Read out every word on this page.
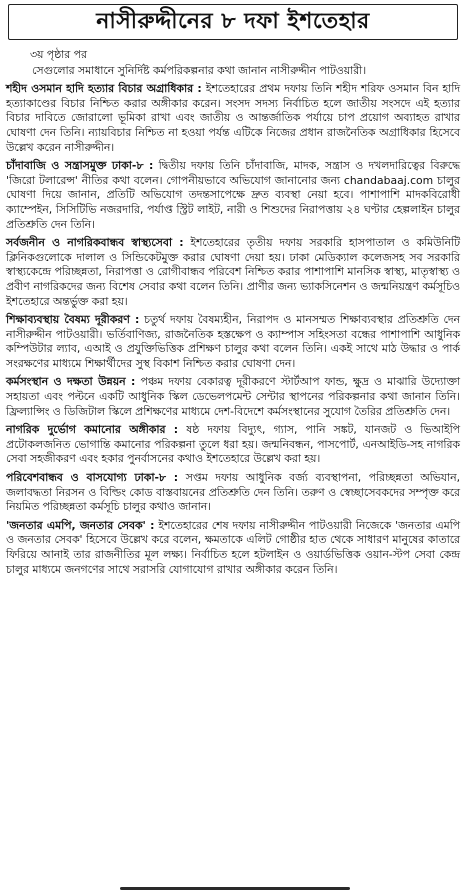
নাসীরুদ্দীনের ৮ দফা ইশতেহার
৩য় পৃষ্ঠার পর

সেগুলোর সমাধানে সুনির্দিষ্ট কর্মপরিকল্পনার কথা জানান নাসীরুদ্দীন পাটওয়ারী।

শহীদ ওসমান হাদি হত্যার বিচার অগ্রাধিকার : ইশতেহারের প্রথম দফায় তিনি শহীদ শরিফ ওসমান বিন হাদি হত্যাকাণ্ডের বিচার নিশ্চিত করার অঙ্গীকার করেন। সংসদ সদস্য নির্বাচিত হলে জাতীয় সংসদে এই হত্যার বিচার দাবিতে জোরালো ভূমিকা রাখা এবং জাতীয় ও আন্তর্জাতিক পর্যায়ে চাপ প্রয়োগ অব্যাহত রাখার ঘোষণা দেন তিনি। ন্যায়বিচার নিশ্চিত না হওয়া পর্যন্ত এটিকে নিজের প্রধান রাজনৈতিক অগ্রাধিকার হিসেবে উল্লেখ করেন নাসীরুদ্দীন।

চাঁদাবাজি ও সন্ত্রাসমুক্ত ঢাকা-৮ : দ্বিতীয় দফায় তিনি চাঁদাবাজি, মাদক, সন্ত্রাস ও দখলদারিত্বের বিরুদ্ধে 'জিরো টলারেন্স' নীতির কথা বলেন। গোপনীয়ভাবে অভিযোগ জানানোর জন্য chandabaaj.com চালুর ঘোষণা দিয়ে জানান, প্রতিটি অভিযোগ তদন্তসাপেক্ষে দ্রুত ব্যবস্থা নেয়া হবে। পাশাপাশি মাদকবিরোধী ক্যাম্পেইন, সিসিটিভি নজরদারি, পর্যাপ্ত স্ট্রিট লাইট, নারী ও শিশুদের নিরাপত্তায় ২৪ ঘণ্টার হেল্পলাইন চালুর প্রতিশ্রুতি দেন তিনি।

সর্বজনীন ও নাগরিকবান্ধব স্বাস্থ্যসেবা : ইশতেহারের তৃতীয় দফায় সরকারি হাসপাতাল ও কমিউনিটি ক্লিনিকগুলোকে দালাল ও সিন্ডিকেটমুক্ত করার ঘোষণা দেয়া হয়। ঢাকা মেডিক্যাল কলেজসহ সব সরকারি স্বাস্থ্যকেন্দ্রে পরিচ্ছন্নতা, নিরাপত্তা ও রোগীবান্ধব পরিবেশ নিশ্চিত করার পাশাপাশি মানসিক স্বাস্থ্য, মাতৃস্বাস্থ্য ও প্রবীণ নাগরিকদের জন্য বিশেষ সেবার কথা বলেন তিনি। প্রাণীর জন্য ভ্যাকসিনেশন ও জন্মনিয়ন্ত্রণ কর্মসূচিও ইশতেহারে অন্তর্ভুক্ত করা হয়।

শিক্ষাব্যবস্থায় বৈষম্য দূরীকরণ : চতুর্থ দফায় বৈষম্যহীন, নিরাপদ ও মানসম্মত শিক্ষাব্যবস্থার প্রতিশ্রুতি দেন নাসীরুদ্দীন পাটওয়ারী। ভর্তিবাণিজ্য, রাজনৈতিক হস্তক্ষেপ ও ক্যাম্পাস সহিংসতা বন্ধের পাশাপাশি আধুনিক কম্পিউটার ল্যাব, এআই ও প্রযুক্তিভিত্তিক প্রশিক্ষণ চালুর কথা বলেন তিনি। একই সাথে মাঠ উদ্ধার ও পার্ক সংরক্ষণের মাধ্যমে শিক্ষার্থীদের সুস্থ বিকাশ নিশ্চিত করার ঘোষণা দেন।

কর্মসংস্থান ও দক্ষতা উন্নয়ন : পঞ্চম দফায় বেকারত্ব দূরীকরণে স্টার্টআপ ফান্ড, ক্ষুদ্র ও মাঝারি উদ্যোক্তা সহায়তা এবং পল্টনে একটি আধুনিক স্কিল ডেভেলপমেন্ট সেন্টার স্থাপনের পরিকল্পনার কথা জানান তিনি। ফ্রিল্যান্সিং ও ডিজিটাল স্কিলে প্রশিক্ষণের মাধ্যমে দেশ-বিদেশে কর্মসংস্থানের সুযোগ তৈরির প্রতিশ্রুতি দেন।

নাগরিক দুর্ভোগ কমানোর অঙ্গীকার : ষষ্ঠ দফায় বিদ্যুৎ, গ্যাস, পানি সঙ্কট, যানজট ও ভিআইপি প্রটোকলজনিত ভোগান্তি কমানোর পরিকল্পনা তুলে ধরা হয়। জন্মনিবন্ধন, পাসপোর্ট, এনআইডি-সহ নাগরিক সেবা সহজীকরণ এবং হকার পুনর্বাসনের কথাও ইশতেহারে উল্লেখ করা হয়।

পরিবেশবান্ধব ও বাসযোগ্য ঢাকা-৮ : সপ্তম দফায় আধুনিক বর্জ্য ব্যবস্থাপনা, পরিচ্ছন্নতা অভিযান, জলাবদ্ধতা নিরসন ও বিল্ডিং কোড বাস্তবায়নের প্রতিশ্রুতি দেন তিনি। তরুণ ও স্বেচ্ছাসেবকদের সম্পৃক্ত করে নিয়মিত পরিচ্ছন্নতা কর্মসূচি চালুর কথাও জানান।

'জনতার এমপি, জনতার সেবক' : ইশতেহারের শেষ দফায় নাসীরুদ্দীন পাটওয়ারী নিজেকে 'জনতার এমপি ও জনতার সেবক' হিসেবে উল্লেখ করে বলেন, ক্ষমতাকে এলিট গোষ্ঠীর হাত থেকে সাধারণ মানুষের কাতারে ফিরিয়ে আনাই তার রাজনীতির মূল লক্ষ্য। নির্বাচিত হলে হটলাইন ও ওয়ার্ডভিত্তিক ওয়ান-স্টপ সেবা কেন্দ্র চালুর মাধ্যমে জনগণের সাথে সরাসরি যোগাযোগ রাখার অঙ্গীকার করেন তিনি।
